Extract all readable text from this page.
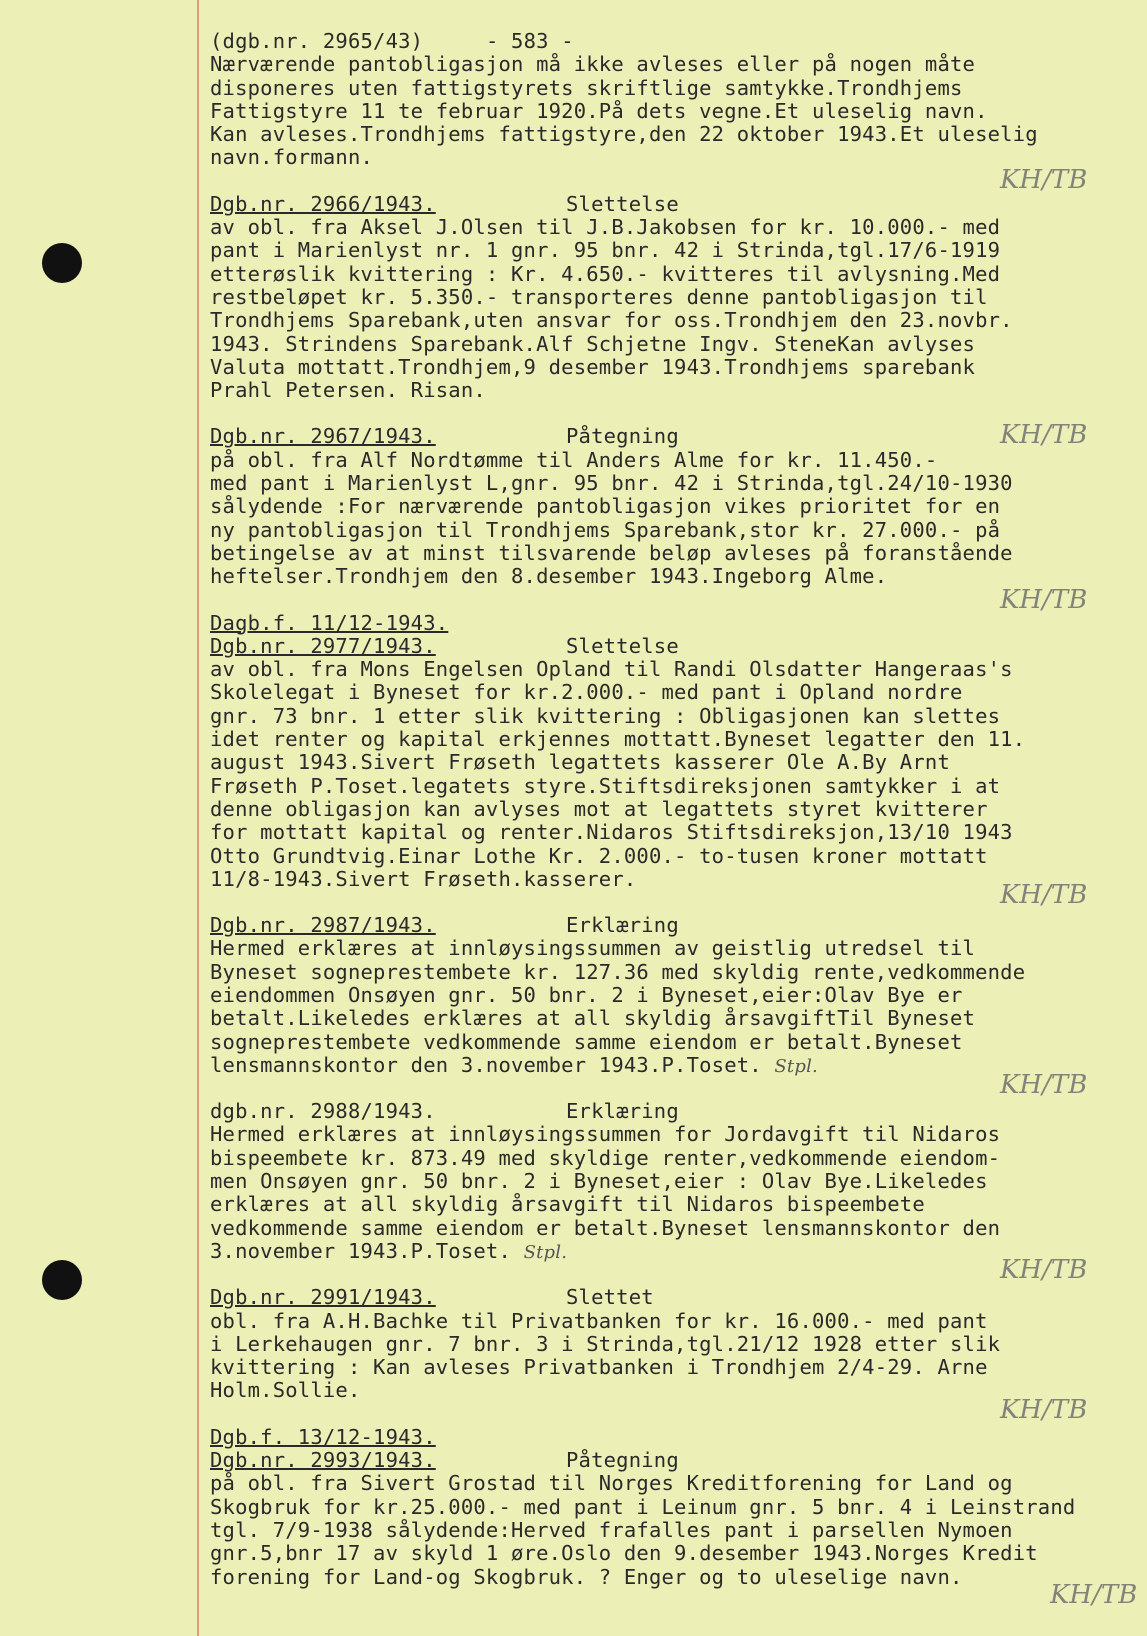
(dgb.nr. 2965/43)	- 583 -
Nærværende pantobligasjon må ikke avleses eller på nogen måte
disponeres uten fattigstyrets skriftlige samtykke.Trondhjems
Fattigstyre 11 te februar 1920.På dets vegne.Et uleselig navn.
Kan avleses.Trondhjems fattigstyre,den 22 oktober 1943.Et uleselig
navn.formann.
Dgb.nr. 2966/1943.	Slettelse
av obl. fra Aksel J.Olsen til J.B.Jakobsen for kr. 10.000.- med
pant i Marienlyst nr. 1 gnr. 95 bnr. 42 i Strinda,tgl.17/6-1919
etterøslik kvittering : Kr. 4.650.- kvitteres til avlysning.Med
restbeløpet kr. 5.350.- transporteres denne pantobligasjon til
Trondhjems Sparebank,uten ansvar for oss.Trondhjem den 23.novbr.
1943. Strindens Sparebank.Alf Schjetne Ingv. SteneKan avlyses
Valuta mottatt.Trondhjem,9 desember 1943.Trondhjems sparebank
Prahl Petersen. Risan.
Dgb.nr. 2967/1943.	Påtegning
på obl. fra Alf Nordtømme til Anders Alme for kr. 11.450.-
med pant i Marienlyst L,gnr. 95 bnr. 42 i Strinda,tgl.24/10-1930
sålydende :For nærværende pantobligasjon vikes prioritet for en
ny pantobligasjon til Trondhjems Sparebank,stor kr. 27.000.- på
betingelse av at minst tilsvarende beløp avleses på foranstående
heftelser.Trondhjem den 8.desember 1943.Ingeborg Alme.
Dagb.f. 11/12-1943.
Dgb.nr. 2977/1943.	Slettelse
av obl. fra Mons Engelsen Opland til Randi Olsdatter Hangeraas's
Skolelegat i Byneset for kr.2.000.- med pant i Opland nordre
gnr. 73 bnr. 1 etter slik kvittering : Obligasjonen kan slettes
idet renter og kapital erkjennes mottatt.Byneset legatter den 11.
august 1943.Sivert Frøseth legattets kasserer Ole A.By Arnt
Frøseth P.Toset.legatets styre.Stiftsdireksjonen samtykker i at
denne obligasjon kan avlyses mot at legattets styret kvitterer
for mottatt kapital og renter.Nidaros Stiftsdireksjon,13/10 1943
Otto Grundtvig.Einar Lothe Kr. 2.000.- to-tusen kroner mottatt
11/8-1943.Sivert Frøseth.kasserer.
Dgb.nr. 2987/1943.	Erklæring
Hermed erklæres at innløysingssummen av geistlig utredsel til
Byneset sogneprestembete kr. 127.36 med skyldig rente,vedkommende
eiendommen Onsøyen gnr. 50 bnr. 2 i Byneset,eier:Olav Bye er
betalt.Likeledes erklæres at all skyldig årsavgiftTil Byneset
sogneprestembete vedkommende samme eiendom er betalt.Byneset
lensmannskontor den 3.november 1943.P.Toset. Stpl.
dgb.nr. 2988/1943.	Erklæring
Hermed erklæres at innløysingssummen for Jordavgift til Nidaros
bispeembete kr. 873.49 med skyldige renter,vedkommende eiendom-
men Onsøyen gnr. 50 bnr. 2 i Byneset,eier : Olav Bye.Likeledes
erklæres at all skyldig årsavgift til Nidaros bispeembete
vedkommende samme eiendom er betalt.Byneset lensmannskontor den
3.november 1943.P.Toset. Stpl.
Dgb.nr. 2991/1943.	Slettet
obl. fra A.H.Bachke til Privatbanken for kr. 16.000.- med pant
i Lerkehaugen gnr. 7 bnr. 3 i Strinda,tgl.21/12 1928 etter slik
kvittering : Kan avleses Privatbanken i Trondhjem 2/4-29. Arne
Holm.Sollie.
Dgb.f. 13/12-1943.
Dgb.nr. 2993/1943.	Påtegning
på obl. fra Sivert Grostad til Norges Kreditforening for Land og
Skogbruk for kr.25.000.- med pant i Leinum gnr. 5 bnr. 4 i Leinstrand
tgl. 7/9-1938 sålydende:Herved frafalles pant i parsellen Nymoen
gnr.5,bnr 17 av skyld 1 øre.Oslo den 9.desember 1943.Norges Kredit
forening for Land-og Skogbruk. ? Enger og to uleselige navn.
KH/TB
KH/TB
KH/TB
KH/TB
KH/TB
KH/TB
KH/TB
KH/TB
